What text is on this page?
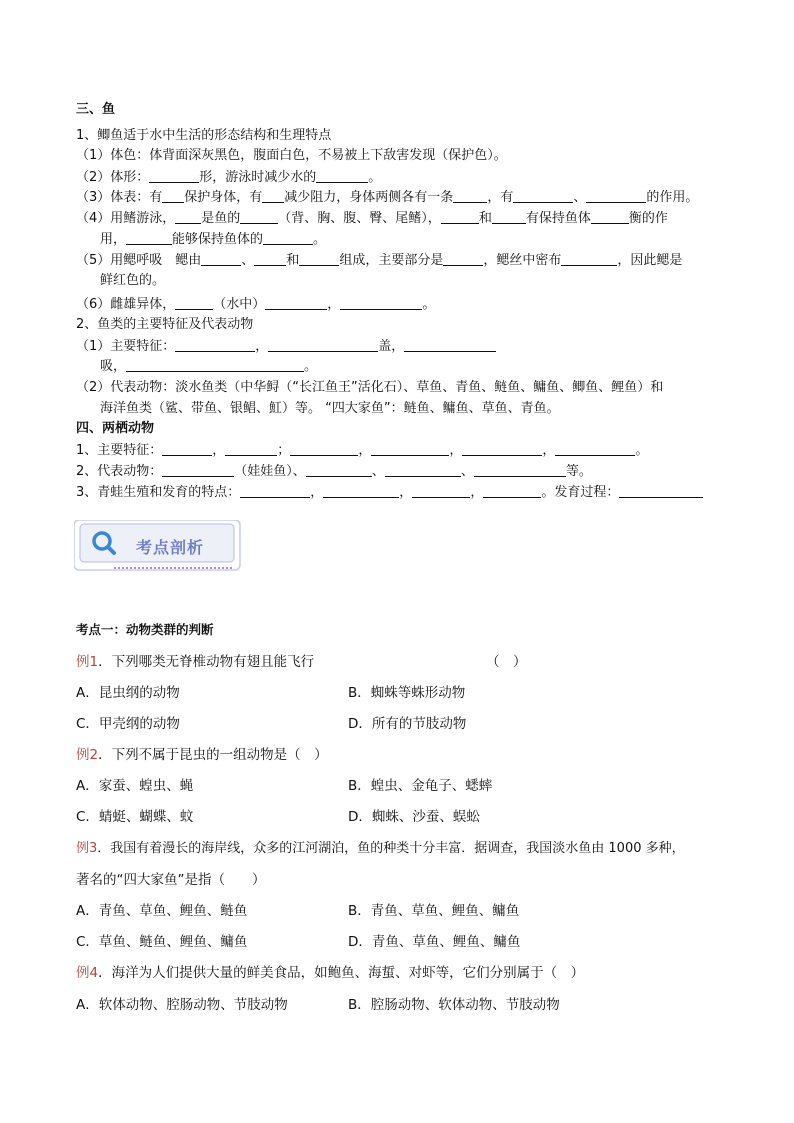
三、鱼
1、鲫鱼适于水中生活的形态结构和生理特点
（1）体色：体背面深灰黑色，腹面白色，不易被上下敌害发现（保护色）。
（2）体形：	形，游泳时减少水的	。
（3）体表：有 保护身体，有 减少阻力，身体两侧各有一条	，有	、	的作用。
（4）用鳍游泳， 是鱼的	（背、胸、腹、臀、尾鳍），	和	有保持鱼体	衡的作
用，	能够保持鱼体的	。
（5）用鳃呼吸　鳃由	、 和	组成，主要部分是	，鳃丝中密布	，因此鳃是
鲜红色的。
（6）雌雄异体，	（水中）	，	。
2、鱼类的主要特征及代表动物
（1）主要特征：	，	盖，
吸，	。
（2）代表动物：淡水鱼类（中华鲟（“长江鱼王”活化石）、草鱼、青鱼、鲢鱼、鳙鱼、鲫鱼、鲤鱼）和
海洋鱼类（鲨、带鱼、银鲳、魟）等。 “四大家鱼”：鲢鱼、鳙鱼、草鱼、青鱼。
四、两栖动物
1、主要特征：	，	；	，	，	，	。
2、代表动物：	（娃娃鱼）、	、	、	等。
3、青蛙生殖和发育的特点：	，	，	，	。发育过程：
考点剖析
考点一：动物类群的判断
例1．下列哪类无脊椎动物有翅且能飞行	（　）
A．昆虫纲的动物	B．蜘蛛等蛛形动物
C．甲壳纲的动物	D．所有的节肢动物
例2．下列不属于昆虫的一组动物是（　）
A．家蚕、蝗虫、蝇	B．蝗虫、金龟子、蟋蟀
C．蜻蜓、蝴蝶、蚊	D．蜘蛛、沙蚕、蜈蚣
例3．我国有着漫长的海岸线，众多的江河湖泊，鱼的种类十分丰富．据调查，我国淡水鱼由 1000 多种，
著名的“四大家鱼”是指（　　）
A．青鱼、草鱼、鲤鱼、鲢鱼	B．青鱼、草鱼、鲤鱼、鳙鱼
C．草鱼、鲢鱼、鲤鱼、鳙鱼	D．青鱼、草鱼、鲤鱼、鳙鱼
例4．海洋为人们提供大量的鲜美食品，如鲍鱼、海蜇、对虾等，它们分别属于（　）
A．软体动物、腔肠动物、节肢动物	B．腔肠动物、软体动物、节肢动物
